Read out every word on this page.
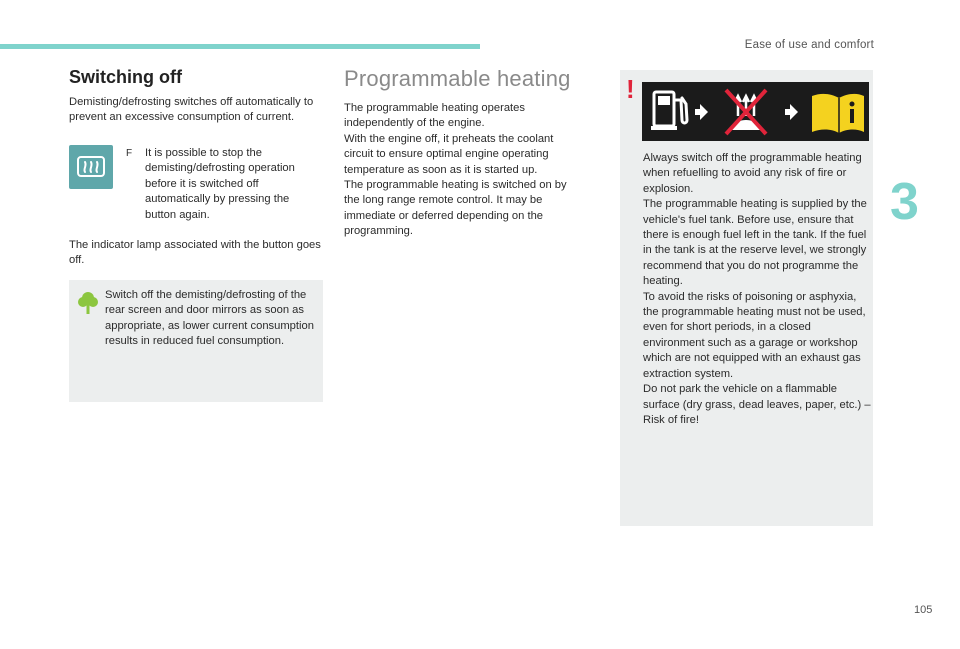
Ease of use and comfort
3
105
Switching off

Demisting/defrosting switches off automatically to prevent an excessive consumption of current.

F It is possible to stop the demisting/defrosting operation before it is switched off automatically by pressing the button again.

The indicator lamp associated with the button goes off.

Switch off the demisting/defrosting of the rear screen and door mirrors as soon as appropriate, as lower current consumption results in reduced fuel consumption.

Programmable heating

The programmable heating operates independently of the engine.
With the engine off, it preheats the coolant circuit to ensure optimal engine operating temperature as soon as it is started up.
The programmable heating is switched on by the long range remote control. It may be immediate or deferred depending on the programming.

!

Always switch off the programmable heating when refuelling to avoid any risk of fire or explosion.
The programmable heating is supplied by the vehicle's fuel tank. Before use, ensure that there is enough fuel left in the tank. If the fuel in the tank is at the reserve level, we strongly recommend that you do not programme the heating.
To avoid the risks of poisoning or asphyxia, the programmable heating must not be used, even for short periods, in a closed environment such as a garage or workshop which are not equipped with an exhaust gas extraction system.
Do not park the vehicle on a flammable surface (dry grass, dead leaves, paper, etc.) – Risk of fire!
